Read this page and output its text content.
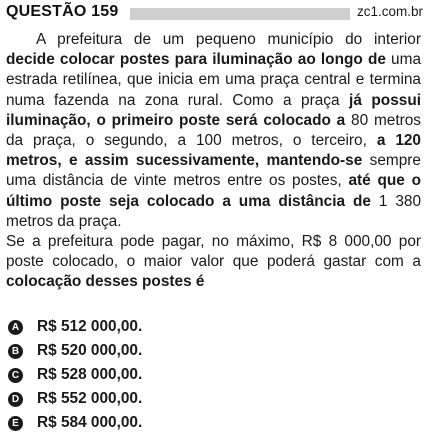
QUESTÃO 159	zc1.com.br

A prefeitura de um pequeno município do interior decide colocar postes para iluminação ao longo de uma estrada retilínea, que inicia em uma praça central e termina numa fazenda na zona rural. Como a praça já possui iluminação, o primeiro poste será colocado a 80 metros da praça, o segundo, a 100 metros, o terceiro, a 120 metros, e assim sucessivamente, mantendo-se sempre uma distância de vinte metros entre os postes, até que o último poste seja colocado a uma distância de 1 380 metros da praça.

Se a prefeitura pode pagar, no máximo, R$ 8 000,00 por poste colocado, o maior valor que poderá gastar com a colocação desses postes é

A R$ 512 000,00.
B R$ 520 000,00.
C R$ 528 000,00.
D R$ 552 000,00.
E R$ 584 000,00.
